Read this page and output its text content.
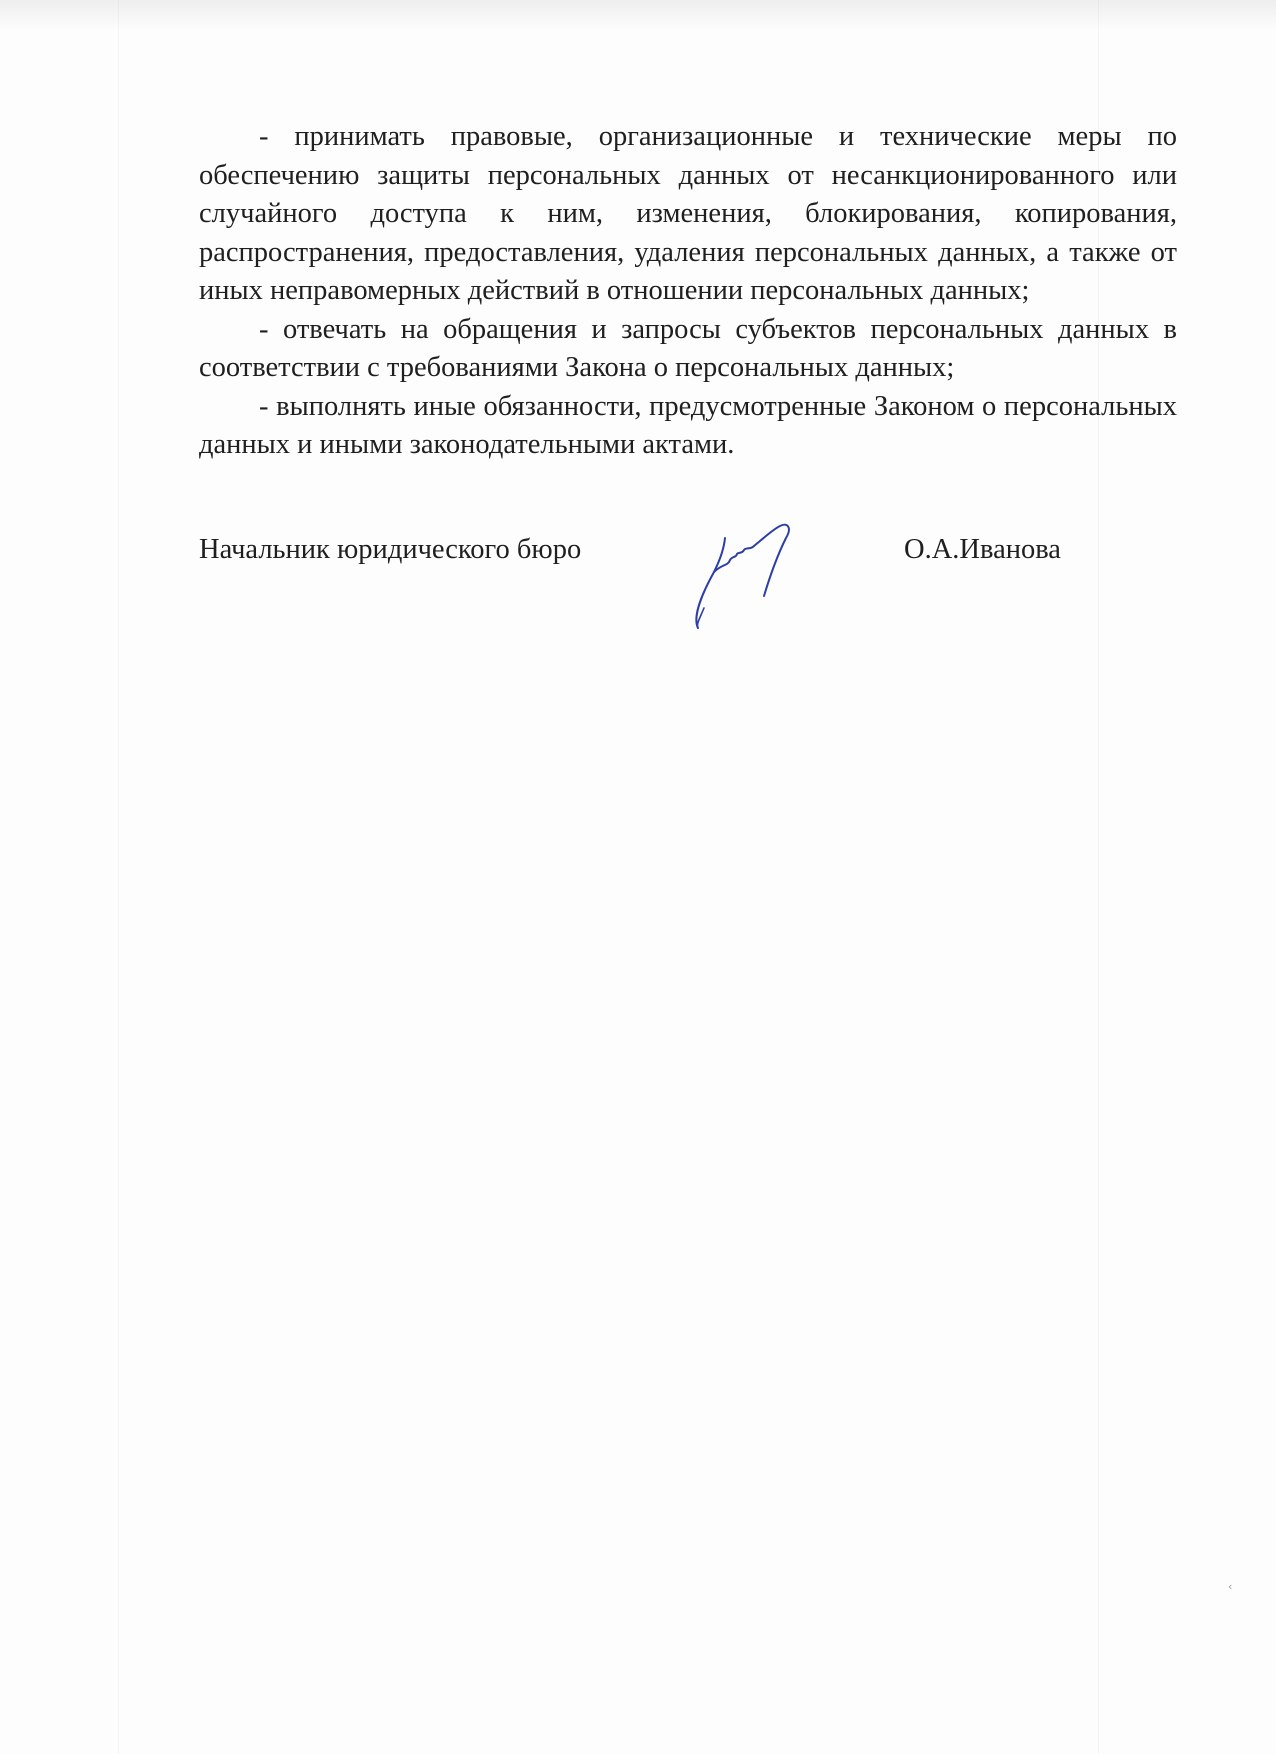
- принимать правовые, организационные и технические меры по обеспечению защиты персональных данных от несанкционированного или случайного доступа к ним, изменения, блокирования, копирования, распространения, предоставления, удаления персональных данных, а также от иных неправомерных действий в отношении персональных данных;

- отвечать на обращения и запросы субъектов персональных данных в соответствии с требованиями Закона о персональных данных;

- выполнять иные обязанности, предусмотренные Законом о персональных данных и иными законодательными актами.

Начальник юридического бюро	О.А.Иванова
‹
